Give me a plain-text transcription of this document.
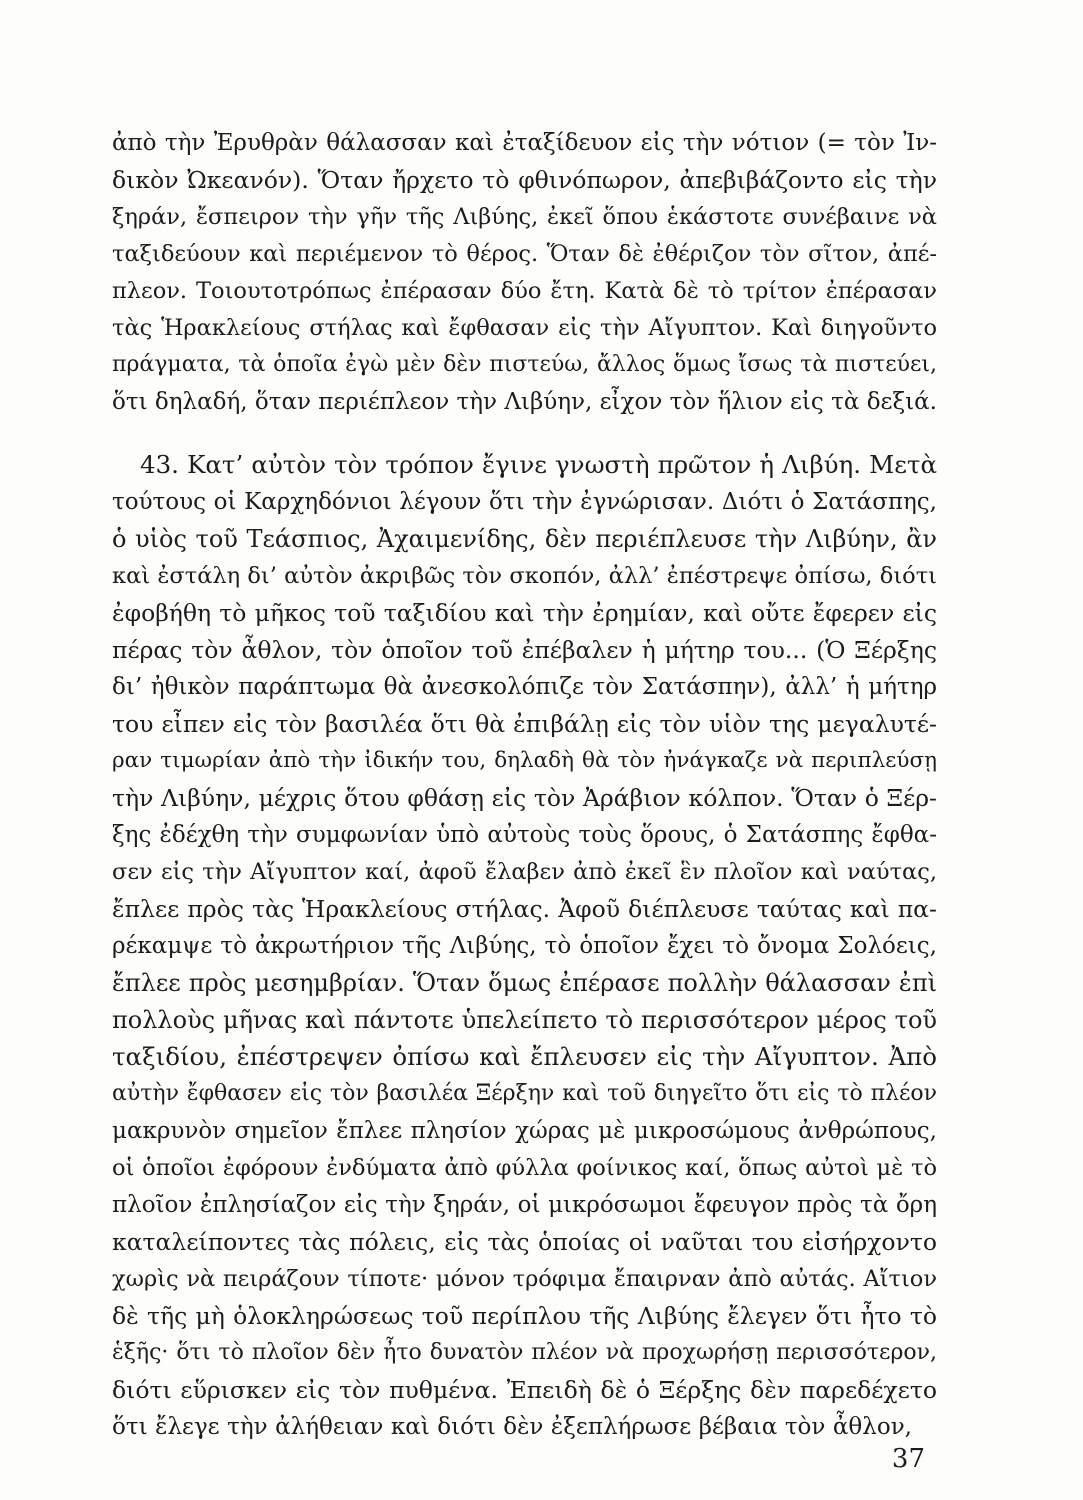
ἀπὸ τὴν Ἐρυθρὰν θάλασσαν καὶ ἐταξίδευον εἰς τὴν νότιον (= τὸν Ἰν-
δικὸν Ὠκεανόν). Ὅταν ἤρχετο τὸ φθινόπωρον, ἀπεβιβάζοντο εἰς τὴν
ξηράν, ἔσπειρον τὴν γῆν τῆς Λιβύης, ἐκεῖ ὅπου ἑκάστοτε συνέβαινε νὰ
ταξιδεύουν καὶ περιέμενον τὸ θέρος. Ὅταν δὲ ἐθέριζον τὸν σῖτον, ἀπέ-
πλεον. Τοιουτοτρόπως ἐπέρασαν δύο ἔτη. Κατὰ δὲ τὸ τρίτον ἐπέρασαν
τὰς Ἡρακλείους στήλας καὶ ἔφθασαν εἰς τὴν Αἴγυπτον. Καὶ διηγοῦντο
πράγματα, τὰ ὁποῖα ἐγὼ μὲν δὲν πιστεύω, ἄλλος ὅμως ἴσως τὰ πιστεύει,
ὅτι δηλαδή, ὅταν περιέπλεον τὴν Λιβύην, εἶχον τὸν ἥλιον εἰς τὰ δεξιά.
43. Κατ’ αὐτὸν τὸν τρόπον ἔγινε γνωστὴ πρῶτον ἡ Λιβύη. Μετὰ
τούτους οἱ Καρχηδόνιοι λέγουν ὅτι τὴν ἐγνώρισαν. Διότι ὁ Σατάσπης,
ὁ υἱὸς τοῦ Τεάσπιος, Ἀχαιμενίδης, δὲν περιέπλευσε τὴν Λιβύην, ἂν
καὶ ἐστάλη δι’ αὐτὸν ἀκριβῶς τὸν σκοπόν, ἀλλ’ ἐπέστρεψε ὀπίσω, διότι
ἐφοβήθη τὸ μῆκος τοῦ ταξιδίου καὶ τὴν ἐρημίαν, καὶ οὔτε ἔφερεν εἰς
πέρας τὸν ἆθλον, τὸν ὁποῖον τοῦ ἐπέβαλεν ἡ μήτηρ του... (Ὁ Ξέρξης
δι’ ἠθικὸν παράπτωμα θὰ ἀνεσκολόπιζε τὸν Σατάσπην), ἀλλ’ ἡ μήτηρ
του εἶπεν εἰς τὸν βασιλέα ὅτι θὰ ἐπιβάλῃ εἰς τὸν υἱὸν της μεγαλυτέ-
ραν τιμωρίαν ἀπὸ τὴν ἰδικήν του, δηλαδὴ θὰ τὸν ἠνάγκαζε νὰ περιπλεύσῃ
τὴν Λιβύην, μέχρις ὅτου φθάσῃ εἰς τὸν Ἀράβιον κόλπον. Ὅταν ὁ Ξέρ-
ξης ἐδέχθη τὴν συμφωνίαν ὑπὸ αὐτοὺς τοὺς ὅρους, ὁ Σατάσπης ἔφθα-
σεν εἰς τὴν Αἴγυπτον καί, ἀφοῦ ἔλαβεν ἀπὸ ἐκεῖ ἓν πλοῖον καὶ ναύτας,
ἔπλεε πρὸς τὰς Ἡρακλείους στήλας. Ἀφοῦ διέπλευσε ταύτας καὶ πα-
ρέκαμψε τὸ ἀκρωτήριον τῆς Λιβύης, τὸ ὁποῖον ἔχει τὸ ὄνομα Σολόεις,
ἔπλεε πρὸς μεσημβρίαν. Ὅταν ὅμως ἐπέρασε πολλὴν θάλασσαν ἐπὶ
πολλοὺς μῆνας καὶ πάντοτε ὑπελείπετο τὸ περισσότερον μέρος τοῦ
ταξιδίου, ἐπέστρεψεν ὀπίσω καὶ ἔπλευσεν εἰς τὴν Αἴγυπτον. Ἀπὸ
αὐτὴν ἔφθασεν εἰς τὸν βασιλέα Ξέρξην καὶ τοῦ διηγεῖτο ὅτι εἰς τὸ πλέον
μακρυνὸν σημεῖον ἔπλεε πλησίον χώρας μὲ μικροσώμους ἀνθρώπους,
οἱ ὁποῖοι ἐφόρουν ἐνδύματα ἀπὸ φύλλα φοίνικος καί, ὅπως αὐτοὶ μὲ τὸ
πλοῖον ἐπλησίαζον εἰς τὴν ξηράν, οἱ μικρόσωμοι ἔφευγον πρὸς τὰ ὄρη
καταλείποντες τὰς πόλεις, εἰς τὰς ὁποίας οἱ ναῦται του εἰσήρχοντο
χωρὶς νὰ πειράζουν τίποτε· μόνον τρόφιμα ἔπαιρναν ἀπὸ αὐτάς. Αἴτιον
δὲ τῆς μὴ ὁλοκληρώσεως τοῦ περίπλου τῆς Λιβύης ἔλεγεν ὅτι ἦτο τὸ
ἑξῆς· ὅτι τὸ πλοῖον δὲν ἦτο δυνατὸν πλέον νὰ προχωρήσῃ περισσότερον,
διότι εὕρισκεν εἰς τὸν πυθμένα. Ἐπειδὴ δὲ ὁ Ξέρξης δὲν παρεδέχετο
ὅτι ἔλεγε τὴν ἀλήθειαν καὶ διότι δὲν ἐξεπλήρωσε βέβαια τὸν ἆθλον,
37
